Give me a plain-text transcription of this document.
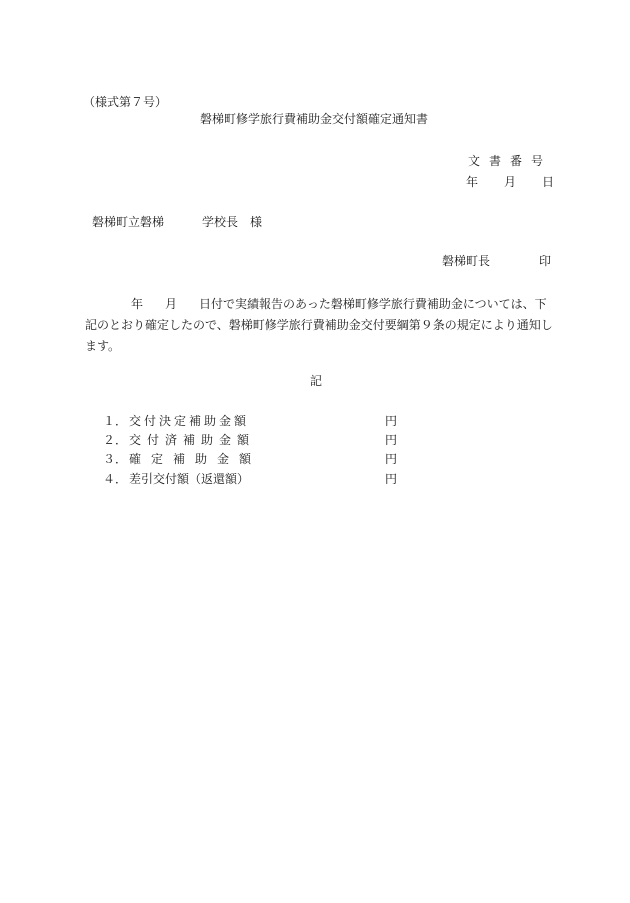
（様式第７号）
磐梯町修学旅行費補助金交付額確定通知書
文書番号
年 月 日
磐梯町立磐梯	学校長 様
磐梯町長	印
年 月 日付で実績報告のあった磐梯町修学旅行費補助金については、下記のとおり確定したので、磐梯町修学旅行費補助金交付要綱第９条の規定により通知します。
記
１． 交付決定補助金額	円
２． 交付済補助金額	円
３． 確定補助金額	円
４． 差引交付額（返還額）	円
